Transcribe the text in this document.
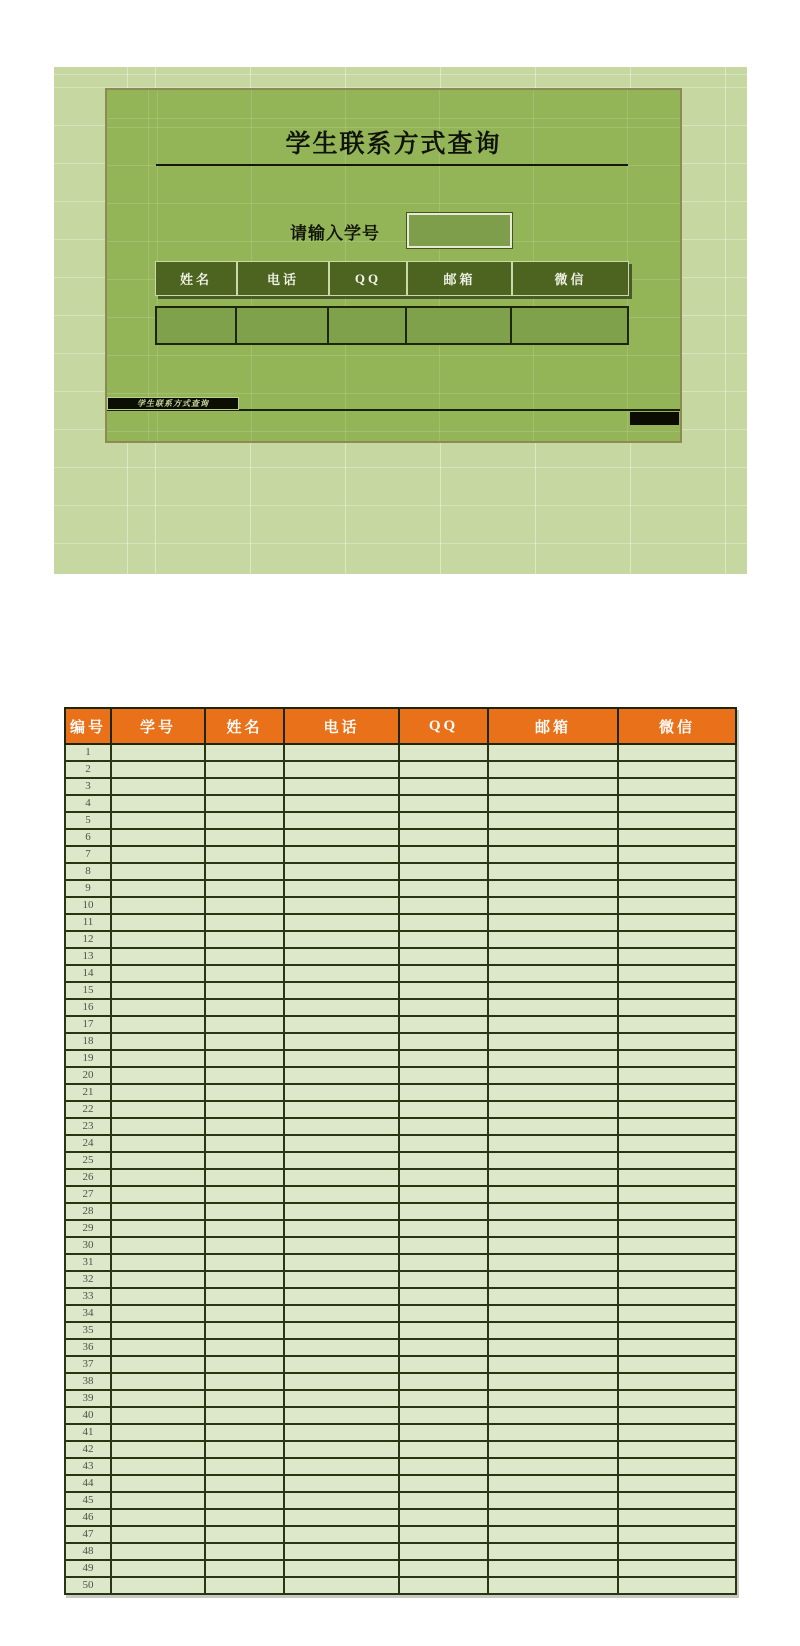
学生联系方式查询
请输入学号
姓名	电话	QQ	邮箱	微信
学生联系方式查询
编号	学号	姓名	电话	QQ	邮箱	微信
1						
2						
3						
4						
5						
6						
7						
8						
9						
10						
11						
12						
13						
14						
15						
16						
17						
18						
19						
20						
21						
22						
23						
24						
25						
26						
27						
28						
29						
30						
31						
32						
33						
34						
35						
36						
37						
38						
39						
40						
41						
42						
43						
44						
45						
46						
47						
48						
49						
50						
